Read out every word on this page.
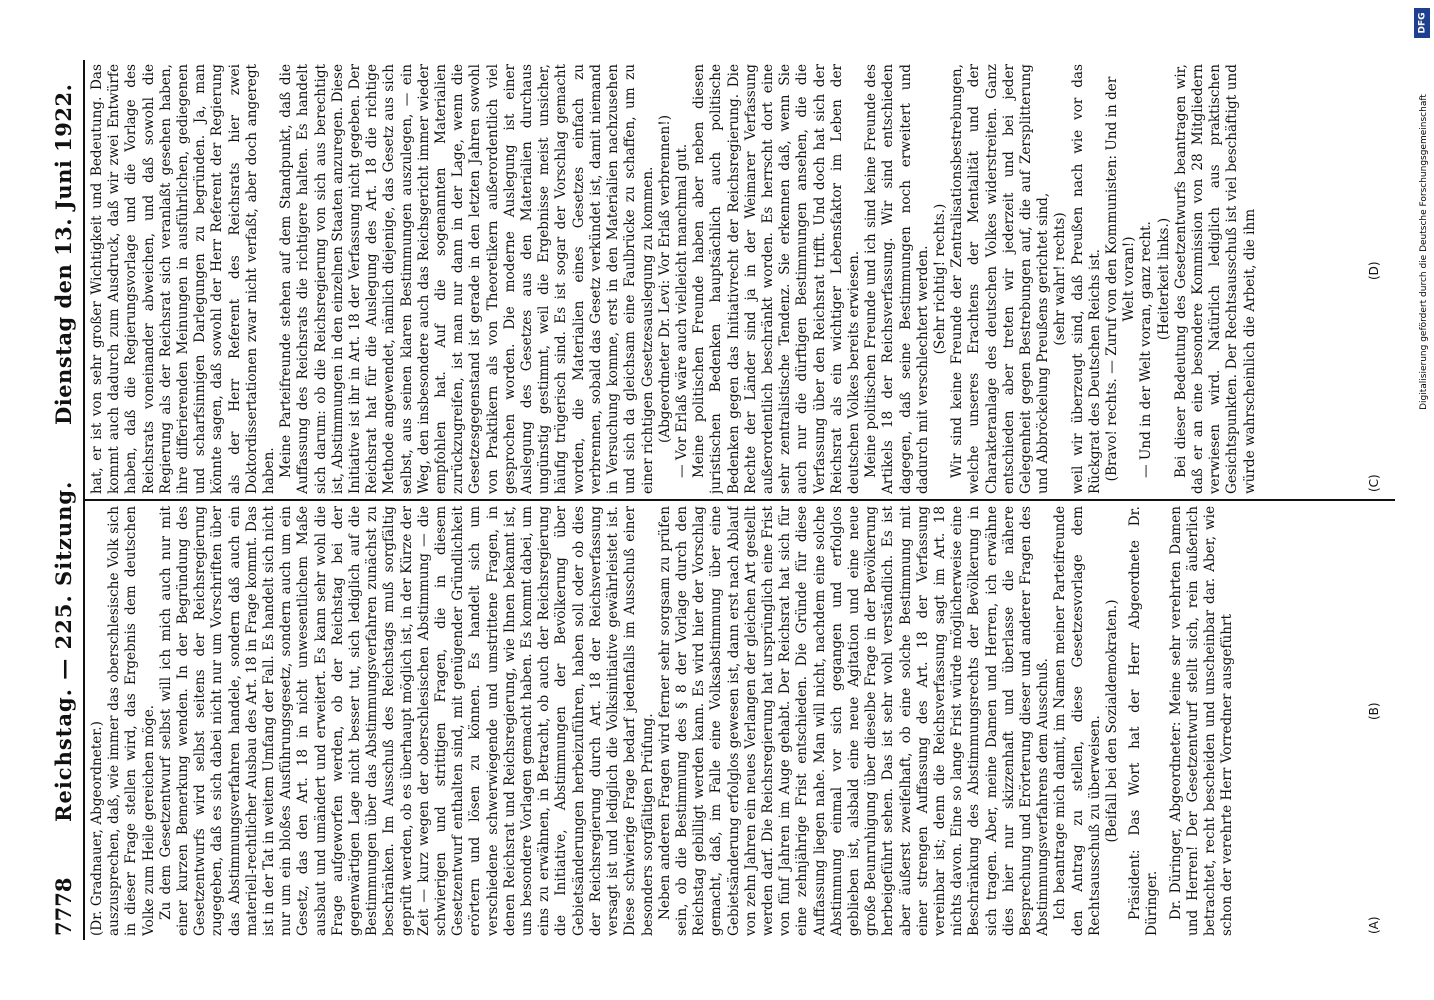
7778
Reichstag. — 225. Sitzung.
Dienstag den 13. Juni 1922.

(Dr. Gradnauer, Abgeordneter.) auszusprechen, daß, wie immer das oberschlesische Volk sich in dieser Frage stellen wird, das Ergebnis dem deutschen Volke zum Heile gereichen möge. Zu dem Gesetzentwurf selbst will ich mich auch nur mit einer kurzen Bemerkung wenden. In der Begründung des Gesetzentwurfs wird selbst seitens der Reichsregierung zugegeben, daß es sich dabei nicht nur um Vorschriften über das Abstimmungsverfahren handele, sondern daß auch ein materiell-rechtlicher Ausbau des Art. 18 in Frage kommt. Das ist in der Tat in weitem Umfang der Fall. Es handelt sich nicht nur um ein bloßes Ausführungsgesetz, sondern auch um ein Gesetz, das den Art. 18 in nicht unwesentlichem Maße ausbaut und umändert und erweitert. Es kann sehr wohl die Frage aufgeworfen werden, ob der Reichstag bei der gegenwärtigen Lage nicht besser tut, sich lediglich auf die Bestimmungen über das Abstimmungsverfahren zunächst zu beschränken. Im Ausschuß des Reichstags muß sorgfältig geprüft werden, ob es überhaupt möglich ist, in der Kürze der Zeit — kurz wegen der oberschlesischen Abstimmung — die schwierigen und strittigen Fragen, die in diesem Gesetzentwurf enthalten sind, mit genügender Gründlichkeit erörtern und lösen zu können. Es handelt sich um verschiedene schwerwiegende und umstrittene Fragen, in denen Reichsrat und Reichsregierung, wie Ihnen bekannt ist, uns besondere Vorlagen gemacht haben. Es kommt dabei, um eins zu erwähnen, in Betracht, ob auch der Reichsregierung die Initiative, Abstimmungen der Bevölkerung über Gebietsänderungen herbeizuführen, haben soll oder ob dies der Reichsregierung durch Art. 18 der Reichsverfassung versagt ist und lediglich die Volksinitiative gewährleistet ist. Diese schwierige Frage bedarf jedenfalls im Ausschuß einer besonders sorgfältigen Prüfung. Neben anderen Fragen wird ferner sehr sorgsam zu prüfen sein, ob die Bestimmung des § 8 der Vorlage durch den Reichstag gebilligt werden kann. Es wird hier der Vorschlag gemacht, daß, im Falle eine Volksabstimmung über eine Gebietsänderung erfolglos gewesen ist, dann erst nach Ablauf von zehn Jahren ein neues Verlangen der gleichen Art gestellt werden darf. Die Reichsregierung hat ursprünglich eine Frist von fünf Jahren im Auge gehabt. Der Reichsrat hat sich für eine zehnjährige Frist entschieden. Die Gründe für diese Auffassung liegen nahe. Man will nicht, nachdem eine solche Abstimmung einmal vor sich gegangen und erfolglos geblieben ist, alsbald eine neue Agitation und eine neue große Beunruhigung über dieselbe Frage in der Bevölkerung herbeigeführt sehen. Das ist sehr wohl verständlich. Es ist aber äußerst zweifelhaft, ob eine solche Bestimmung mit einer strengen Auffassung des Art. 18 der Verfassung vereinbar ist; denn die Reichsverfassung sagt im Art. 18 nichts davon. Eine so lange Frist würde möglicherweise eine Beschränkung des Abstimmungsrechts der Bevölkerung in sich tragen. Aber, meine Damen und Herren, ich erwähne dies hier nur skizzenhaft und überlasse die nähere Besprechung und Erörterung dieser und anderer Fragen des Abstimmungsverfahrens dem Ausschuß. Ich beantrage mich damit, im Namen meiner Parteifreunde den Antrag zu stellen, diese Gesetzesvorlage dem Rechtsausschuß zu überweisen. (Beifall bei den Sozialdemokraten.) Präsident: Das Wort hat der Herr Abgeordnete Dr. Düringer. Dr. Düringer, Abgeordneter: Meine sehr verehrten Damen und Herren! Der Gesetzentwurf stellt sich, rein äußerlich betrachtet, recht bescheiden und unscheinbar dar. Aber, wie schon der verehrte Herr Vorredner ausgeführt

hat, er ist von sehr großer Wichtigkeit und Bedeutung. Das kommt auch dadurch zum Ausdruck, daß wir zwei Entwürfe haben, daß die Regierungsvorlage und die Vorlage des Reichsrats voneinander abweichen, und daß sowohl die Regierung als der Reichsrat sich veranlaßt gesehen haben, ihre differierenden Meinungen in ausführlichen, gediegenen und scharfsinnigen Darlegungen zu begründen. Ja, man könnte sagen, daß sowohl der Herr Referent der Regierung als der Herr Referent des Reichsrats hier zwei Doktordissertationen zwar nicht verfaßt, aber doch angeregt haben. Meine Parteifreunde stehen auf dem Standpunkt, daß die Auffassung des Reichsrats die richtigere halten. Es handelt sich darum: ob die Reichsregierung von sich aus berechtigt ist, Abstimmungen in den einzelnen Staaten anzuregen. Diese Initiative ist ihr in Art. 18 der Verfassung nicht gegeben. Der Reichsrat hat für die Auslegung des Art. 18 die richtige Methode angewendet, nämlich diejenige, das Gesetz aus sich selbst, aus seinen klaren Bestimmungen auszulegen, — ein Weg, den insbesondere auch das Reichsgericht immer wieder empfohlen hat. Auf die sogenannten Materialien zurückzugreifen, ist man nur dann in der Lage, wenn die Gesetzesgegenstand ist gerade in den letzten Jahren sowohl von Praktikern als von Theoretikern außerordentlich viel gesprochen worden. Die moderne Auslegung ist einer Auslegung des Gesetzes aus den Materialien durchaus ungünstig gestimmt, weil die Ergebnisse meist unsicher, häufig trügerisch sind. Es ist sogar der Vorschlag gemacht worden, die Materialien eines Gesetzes einfach zu verbrennen, sobald das Gesetz verkündet ist, damit niemand in Versuchung komme, erst in den Materialien nachzusehen und sich da gleichsam eine Faulbrücke zu schaffen, um zu einer richtigen Gesetzesauslegung zu kommen. (Abgeordneter Dr. Levi: Vor Erlaß verbrennen!) — Vor Erlaß wäre auch vielleicht manchmal gut. Meine politischen Freunde haben aber neben diesen juristischen Bedenken hauptsächlich auch politische Bedenken gegen das Initiativrecht der Reichsregierung. Die Rechte der Länder sind ja in der Weimarer Verfassung außerordentlich beschränkt worden. Es herrscht dort eine sehr zentralistische Tendenz. Sie erkennen daß, wenn Sie auch nur die dürftigen Bestimmungen ansehen, die die Verfassung über den Reichsrat trifft. Und doch hat sich der Reichsrat als ein wichtiger Lebensfaktor im Leben der deutschen Volkes bereits erwiesen. Meine politischen Freunde und ich sind keine Freunde des Artikels 18 der Reichsverfassung. Wir sind entschieden dagegen, daß seine Bestimmungen noch erweitert und dadurch mit verschlechtert werden. (Sehr richtig! rechts.) Wir sind keine Freunde der Zentralisationsbestrebungen, welche unseres Erachtens der Mentalität und der Charakteranlage des deutschen Volkes widerstreiten. Ganz entschieden aber treten wir jederzeit und bei jeder Gelegenheit gegen Bestrebungen auf, die auf Zersplitterung und Abbröckelung Preußens gerichtet sind, (sehr wahr! rechts) weil wir überzeugt sind, daß Preußen nach wie vor das Rückgrat des Deutschen Reichs ist. (Bravo! rechts. — Zuruf von den Kommunisten: Und in der Welt voran!) — Und in der Welt voran, ganz recht. (Heiterkeit links.) Bei dieser Bedeutung des Gesetzentwurfs beantragen wir, daß er an eine besondere Kommission von 28 Mitgliedern verwiesen wird. Natürlich lediglich aus praktischen Gesichtspunkten. Der Rechtsausschuß ist viel beschäftigt und würde wahrscheinlich die Arbeit, die ihm

(A)
(B)
(C)
(D)
DFG
Digitalisierung gefördert durch die Deutsche Forschungsgemeinschaft
